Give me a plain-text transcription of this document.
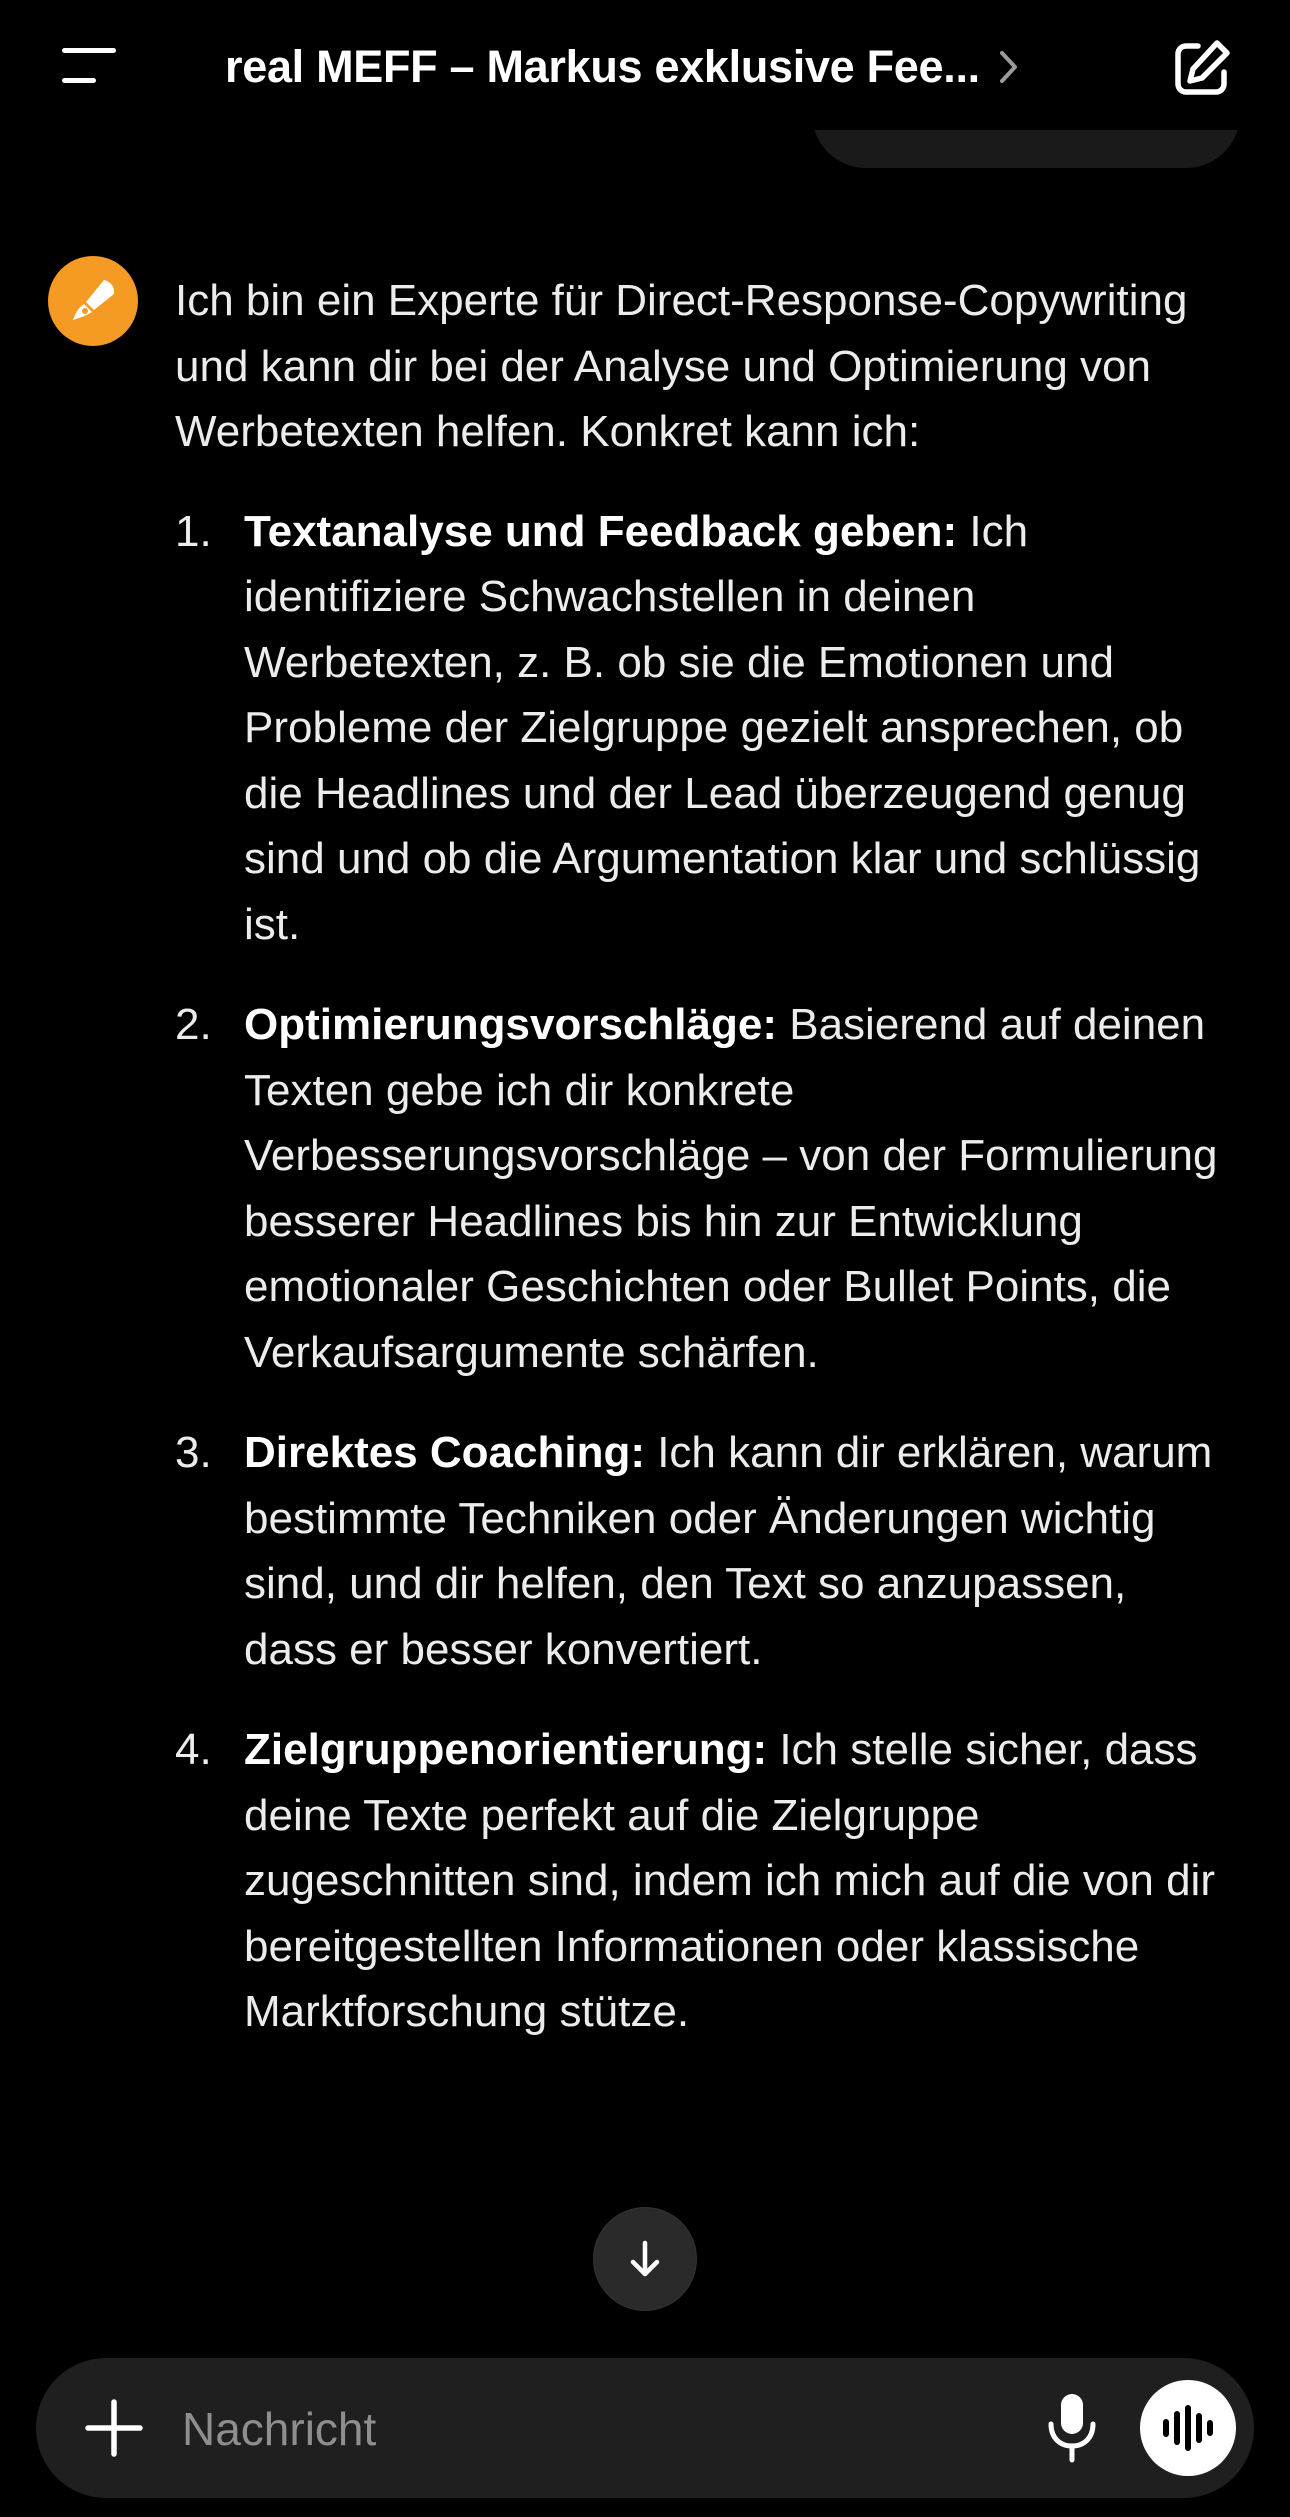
real MEFF – Markus exklusive Fee...

Ich bin ein Experte für Direct-Response-Copywriting und kann dir bei der Analyse und Optimierung von Werbetexten helfen. Konkret kann ich:

1. Textanalyse und Feedback geben: Ich identifiziere Schwachstellen in deinen Werbetexten, z. B. ob sie die Emotionen und Probleme der Zielgruppe gezielt ansprechen, ob die Headlines und der Lead überzeugend genug sind und ob die Argumentation klar und schlüssig ist.
2. Optimierungsvorschläge: Basierend auf deinen Texten gebe ich dir konkrete Verbesserungsvorschläge – von der Formulierung besserer Headlines bis hin zur Entwicklung emotionaler Geschichten oder Bullet Points, die Verkaufsargumente schärfen.
3. Direktes Coaching: Ich kann dir erklären, warum bestimmte Techniken oder Änderungen wichtig sind, und dir helfen, den Text so anzupassen, dass er besser konvertiert.
4. Zielgruppenorientierung: Ich stelle sicher, dass deine Texte perfekt auf die Zielgruppe zugeschnitten sind, indem ich mich auf die von dir bereitgestellten Informationen oder klassische Marktforschung stütze.
Nachricht
